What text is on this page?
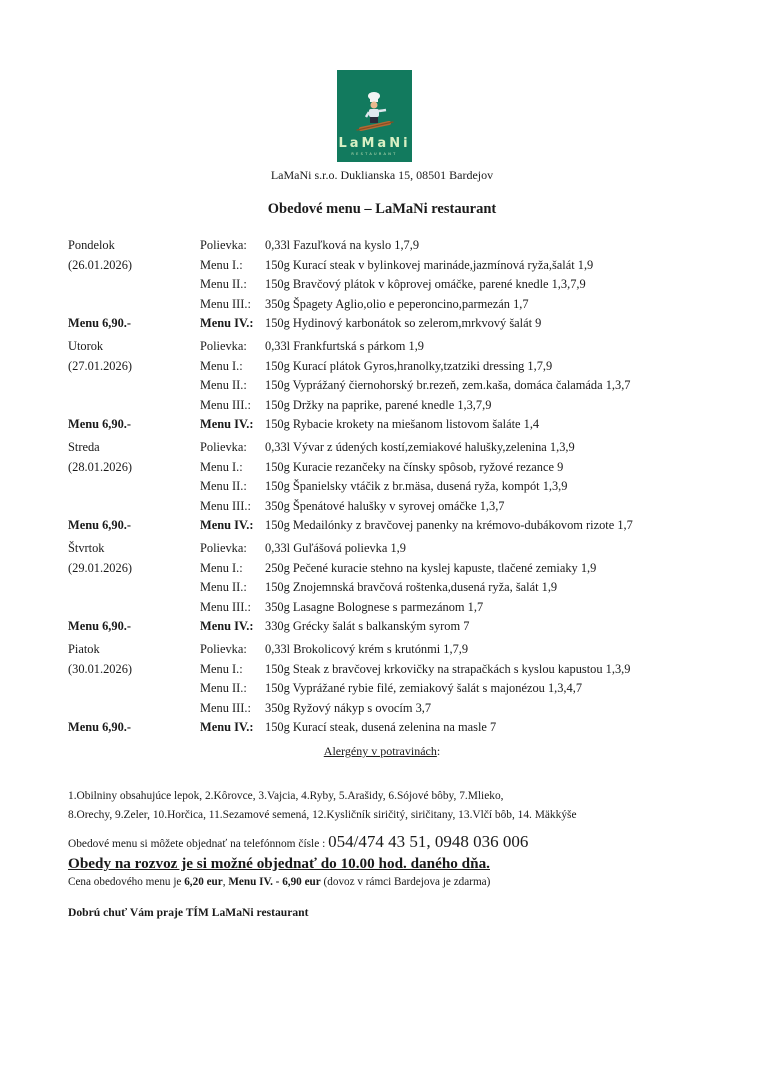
LaMaNi
RESTAURANT
LaMaNi s.r.o. Duklianska 15, 08501 Bardejov
Obedové menu – LaMaNi restaurant
Pondelok	Polievka: 0,33l Fazuľková na kyslo 1,7,9
(26.01.2026)	Menu I.: 150g Kurací steak v bylinkovej marináde,jazmínová ryža,šalát 1,9
Menu II.: 150g Bravčový plátok v kôprovej omáčke, parené knedle 1,3,7,9
Menu III.: 350g Špagety Aglio,olio e peperoncino,parmezán 1,7
Menu 6,90.-	Menu IV.: 150g Hydinový karbonátok so zelerom,mrkvový šalát 9
Utorok	Polievka: 0,33l Frankfurtská s párkom 1,9
(27.01.2026)	Menu I.: 150g Kurací plátok Gyros,hranolky,tzatziki dressing 1,7,9
Menu II.: 150g Vyprážaný čiernohorský br.rezeň, zem.kaša, domáca čalamáda 1,3,7
Menu III.: 150g Držky na paprike, parené knedle 1,3,7,9
Menu 6,90.-	Menu IV.: 150g Rybacie krokety na miešanom listovom šaláte 1,4
Streda	Polievka: 0,33l Vývar z údených kostí,zemiakové halušky,zelenina 1,3,9
(28.01.2026)	Menu I.: 150g Kuracie rezančeky na čínsky spôsob, ryžové rezance 9
Menu II.: 150g Španielsky vtáčik z br.mäsa, dusená ryža, kompót 1,3,9
Menu III.: 350g Špenátové halušky v syrovej omáčke 1,3,7
Menu 6,90.-	Menu IV.: 150g Medailónky z bravčovej panenky na krémovo-dubákovom rizote 1,7
Štvrtok	Polievka: 0,33l Guľášová polievka 1,9
(29.01.2026)	Menu I.: 250g Pečené kuracie stehno na kyslej kapuste, tlačené zemiaky 1,9
Menu II.: 150g Znojemnská bravčová roštenka,dusená ryža, šalát 1,9
Menu III.: 350g Lasagne Bolognese s parmezánom 1,7
Menu 6,90.-	Menu IV.: 330g Grécky šalát s balkanským syrom 7
Piatok	Polievka: 0,33l Brokolicový krém s krutónmi 1,7,9
(30.01.2026)	Menu I.: 150g Steak z bravčovej krkovičky na strapačkách s kyslou kapustou 1,3,9
Menu II.: 150g Vyprážané rybie filé, zemiakový šalát s majonézou 1,3,4,7
Menu III.: 350g Ryžový nákyp s ovocím 3,7
Menu 6,90.-	Menu IV.: 150g Kurací steak, dusená zelenina na masle 7
Alergény v potravinách:
1.Obilniny obsahujúce lepok, 2.Kôrovce, 3.Vajcia, 4.Ryby, 5.Arašidy, 6.Sójové bôby, 7.Mlieko,
8.Orechy, 9.Zeler, 10.Horčica, 11.Sezamové semená, 12.Kysličník siričitý, siričitany, 13.Vlčí bôb, 14. Mäkkýše
Obedové menu si môžete objednať na telefónnom čísle : 054/474 43 51, 0948 036 006
Obedy na rozvoz je si možné objednať do 10.00 hod. daného dňa.
Cena obedového menu je 6,20 eur, Menu IV. - 6,90 eur (dovoz v rámci Bardejova je zdarma)
Dobrú chuť Vám praje TÍM LaMaNi restaurant
